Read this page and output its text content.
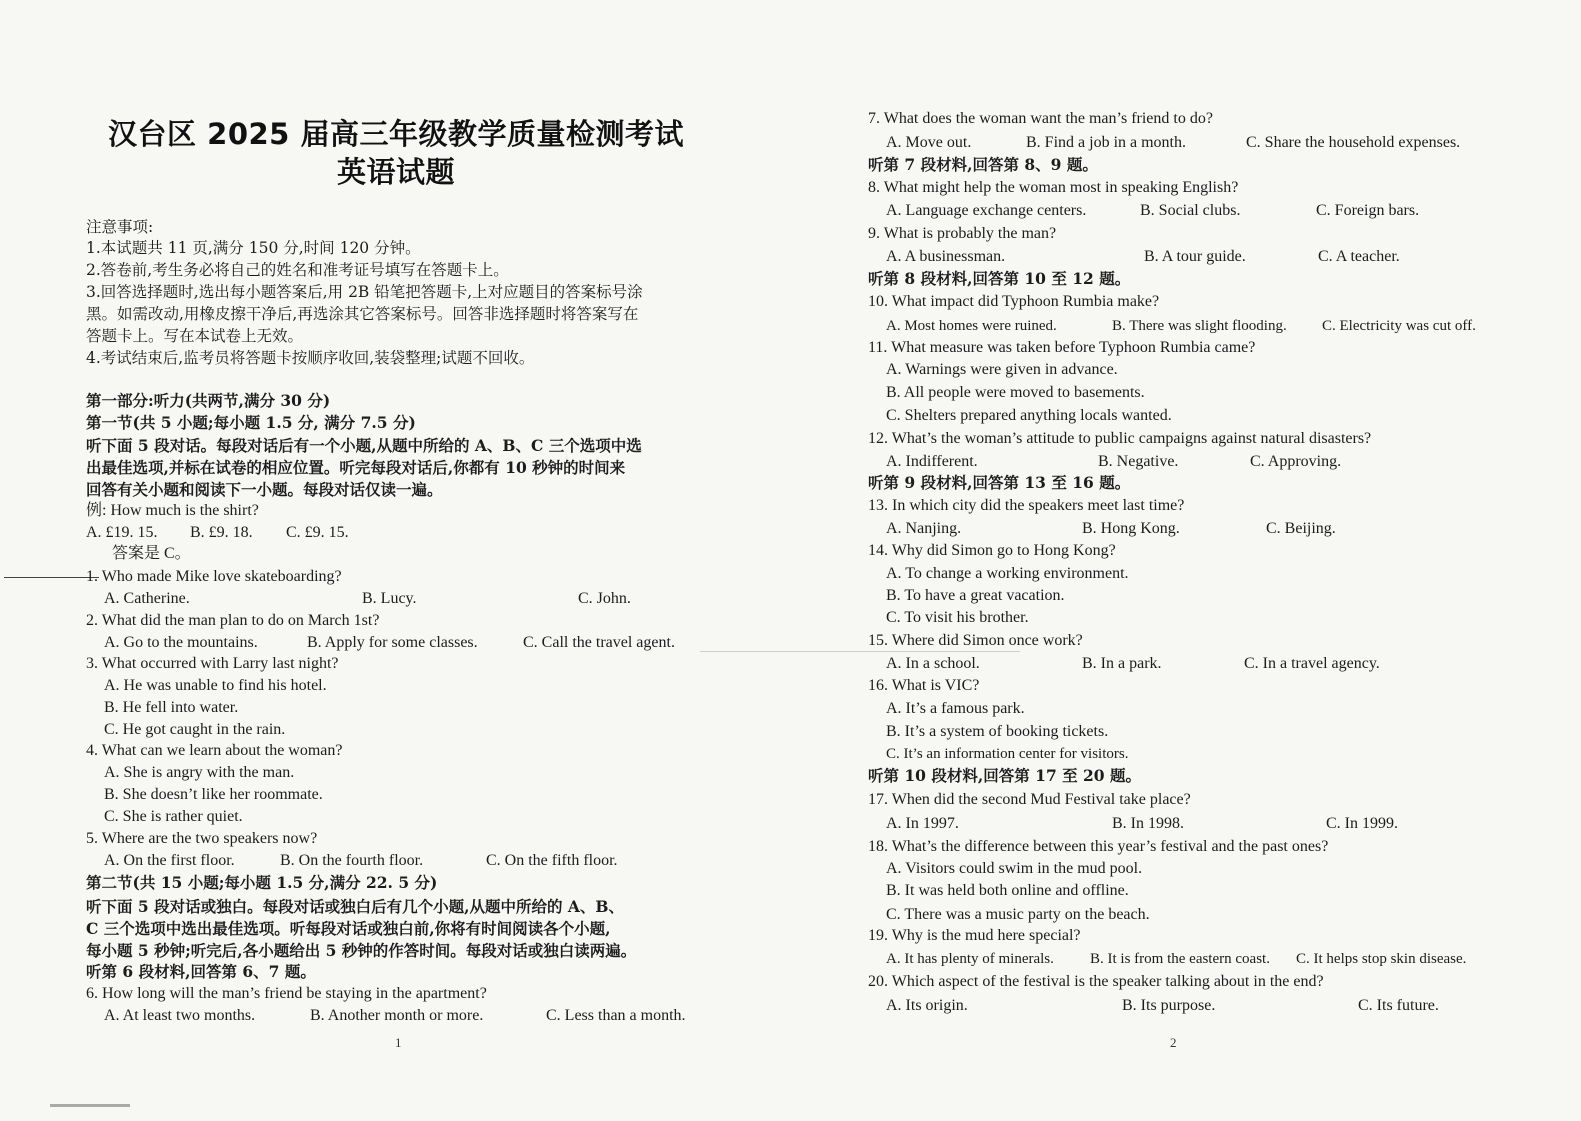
汉台区 2025 届高三年级教学质量检测考试
英语试题
注意事项:
1.本试题共 11 页,满分 150 分,时间 120 分钟。
2.答卷前,考生务必将自己的姓名和准考证号填写在答题卡上。
3.回答选择题时,选出每小题答案后,用 2B 铅笔把答题卡,上对应题目的答案标号涂
黑。如需改动,用橡皮擦干净后,再选涂其它答案标号。回答非选择题时将答案写在
答题卡上。写在本试卷上无效。
4.考试结束后,监考员将答题卡按顺序收回,装袋整理;试题不回收。
第一部分:听力(共两节,满分 30 分)
第一节(共 5 小题;每小题 1.5 分, 满分 7.5 分)
听下面 5 段对话。每段对话后有一个小题,从题中所给的 A、B、C 三个选项中选
出最佳选项,并标在试卷的相应位置。听完每段对话后,你都有 10 秒钟的时间来
回答有关小题和阅读下一小题。每段对话仅读一遍。
例: How much is the shirt?
A. £19. 15. B. £9. 18. C. £9. 15.
答案是 C。
1. Who made Mike love skateboarding?
A. Catherine.	B. Lucy.	C. John.
2. What did the man plan to do on March 1st?
A. Go to the mountains.	B. Apply for some classes.	C. Call the travel agent.
3. What occurred with Larry last night?
A. He was unable to find his hotel.
B. He fell into water.
C. He got caught in the rain.
4. What can we learn about the woman?
A. She is angry with the man.
B. She doesn’t like her roommate.
C. She is rather quiet.
5. Where are the two speakers now?
A. On the first floor.	B. On the fourth floor.	C. On the fifth floor.
第二节(共 15 小题;每小题 1.5 分,满分 22. 5 分)
听下面 5 段对话或独白。每段对话或独白后有几个小题,从题中所给的 A、B、
C 三个选项中选出最佳选项。听每段对话或独白前,你将有时间阅读各个小题,
每小题 5 秒钟;听完后,各小题给出 5 秒钟的作答时间。每段对话或独白读两遍。
听第 6 段材料,回答第 6、7 题。
6. How long will the man’s friend be staying in the apartment?
A. At least two months.	B. Another month or more.	C. Less than a month.
1
7. What does the woman want the man’s friend to do?
A. Move out.	B. Find a job in a month.	C. Share the household expenses.
听第 7 段材料,回答第 8、9 题。
8. What might help the woman most in speaking English?
A. Language exchange centers.	B. Social clubs.	C. Foreign bars.
9. What is probably the man?
A. A businessman.	B. A tour guide.	C. A teacher.
听第 8 段材料,回答第 10 至 12 题。
10. What impact did Typhoon Rumbia make?
A. Most homes were ruined.	B. There was slight flooding. C. Electricity was cut off.
11. What measure was taken before Typhoon Rumbia came?
A. Warnings were given in advance.
B. All people were moved to basements.
C. Shelters prepared anything locals wanted.
12. What’s the woman’s attitude to public campaigns against natural disasters?
A. Indifferent.	B. Negative.	C. Approving.
听第 9 段材料,回答第 13 至 16 题。
13. In which city did the speakers meet last time?
A. Nanjing.	B. Hong Kong.	C. Beijing.
14. Why did Simon go to Hong Kong?
A. To change a working environment.
B. To have a great vacation.
C. To visit his brother.
15. Where did Simon once work?
A. In a school.	B. In a park.	C. In a travel agency.
16. What is VIC?
A. It’s a famous park.
B. It’s a system of booking tickets.
C. It’s an information center for visitors.
听第 10 段材料,回答第 17 至 20 题。
17. When did the second Mud Festival take place?
A. In 1997.	B. In 1998.	C. In 1999.
18. What’s the difference between this year’s festival and the past ones?
A. Visitors could swim in the mud pool.
B. It was held both online and offline.
C. There was a music party on the beach.
19. Why is the mud here special?
A. It has plenty of minerals. B. It is from the eastern coast. C. It helps stop skin disease.
20. Which aspect of the festival is the speaker talking about in the end?
A. Its origin.	B. Its purpose.	C. Its future.
2
